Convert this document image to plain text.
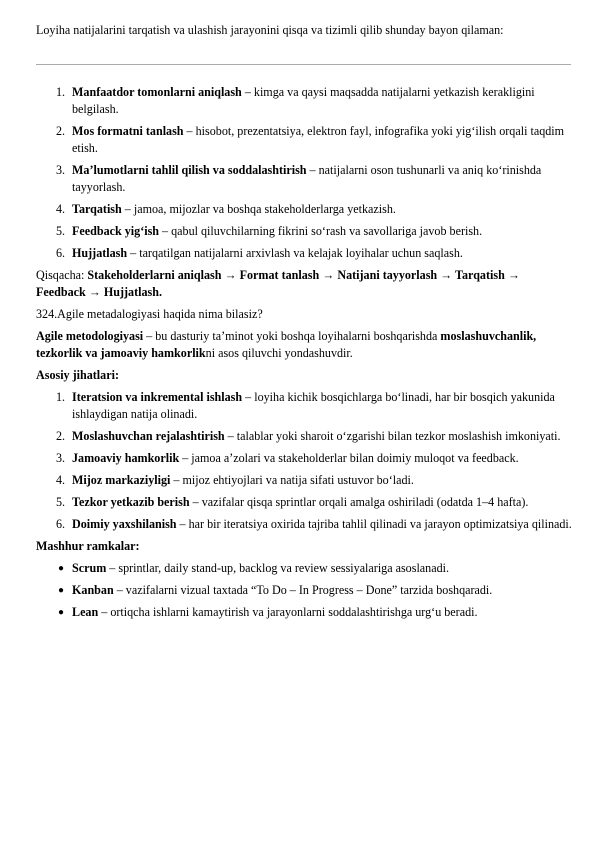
Loyiha natijalarini tarqatish va ulashish jarayonini qisqa va tizimli qilib shunday bayon qilaman:
1. Manfaatdor tomonlarni aniqlash – kimga va qaysi maqsadda natijalarni yetkazish kerakligini belgilash.
2. Mos formatni tanlash – hisobot, prezentatsiya, elektron fayl, infografika yoki yig‘ilish orqali taqdim etish.
3. Ma’lumotlarni tahlil qilish va soddalashtirish – natijalarni oson tushunarli va aniq ko‘rinishda tayyorlash.
4. Tarqatish – jamoa, mijozlar va boshqa stakeholderlarga yetkazish.
5. Feedback yig‘ish – qabul qiluvchilarning fikrini so‘rash va savollariga javob berish.
6. Hujjatlash – tarqatilgan natijalarni arxivlash va kelajak loyihalar uchun saqlash.

Qisqacha: Stakeholderlarni aniqlash → Format tanlash → Natijani tayyorlash → Tarqatish → Feedback → Hujjatlash.

324.Agile metadalogiyasi haqida nima bilasiz?

Agile metodologiyasi – bu dasturiy ta’minot yoki boshqa loyihalarni boshqarishda moslashuvchanlik, tezkorlik va jamoaviy hamkorlikni asos qiluvchi yondashuvdir.

Asosiy jihatlari:

1. Iteratsion va inkremental ishlash – loyiha kichik bosqichlarga bo‘linadi, har bir bosqich yakunida ishlaydigan natija olinadi.
2. Moslashuvchan rejalashtirish – talablar yoki sharoit o‘zgarishi bilan tezkor moslashish imkoniyati.
3. Jamoaviy hamkorlik – jamoa a’zolari va stakeholderlar bilan doimiy muloqot va feedback.
4. Mijoz markaziyligi – mijoz ehtiyojlari va natija sifati ustuvor bo‘ladi.
5. Tezkor yetkazib berish – vazifalar qisqa sprintlar orqali amalga oshiriladi (odatda 1–4 hafta).
6. Doimiy yaxshilanish – har bir iteratsiya oxirida tajriba tahlil qilinadi va jarayon optimizatsiya qilinadi.

Mashhur ramkalar:

● Scrum – sprintlar, daily stand-up, backlog va review sessiyalariga asoslanadi.
● Kanban – vazifalarni vizual taxtada “To Do – In Progress – Done” tarzida boshqaradi.
● Lean – ortiqcha ishlarni kamaytirish va jarayonlarni soddalashtirishga urg‘u beradi.
